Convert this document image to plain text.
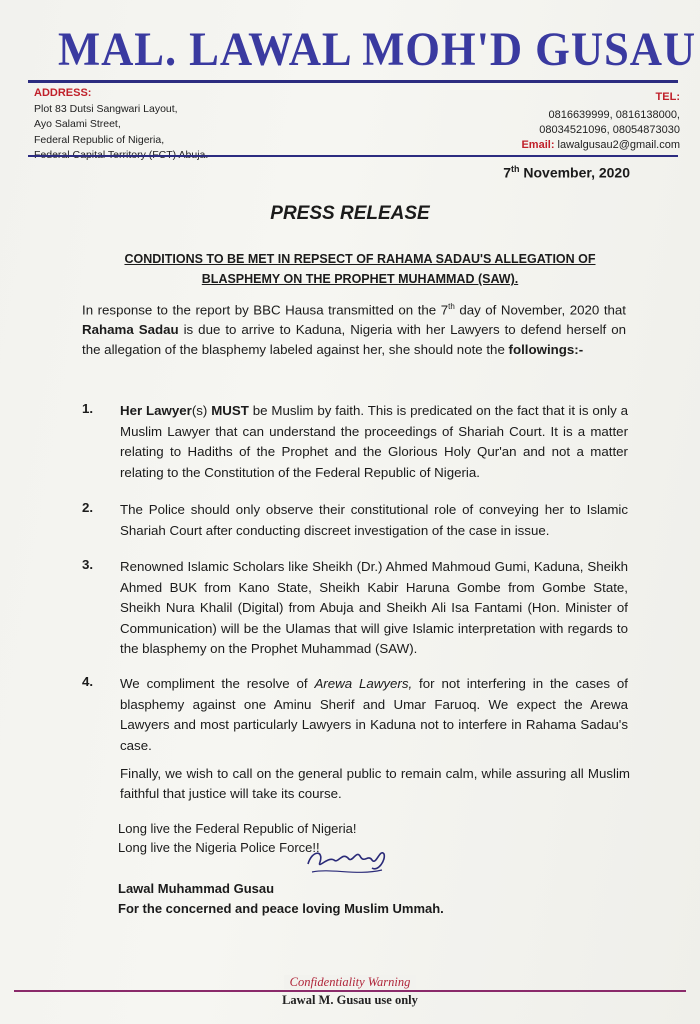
MAL. LAWAL MOH'D GUSAU
ADDRESS:
Plot 83 Dutsi Sangwari Layout,
Ayo Salami Street,
Federal Republic of Nigeria,
TEL:
0816639999, 0816138000,
08034521096, 08054873030
Email: lawalgusau2@gmail.com
7th November, 2020
PRESS RELEASE
CONDITIONS TO BE MET IN REPSECT OF RAHAMA SADAU'S ALLEGATION OF
BLASPHEMY ON THE PROPHET MUHAMMAD (SAW).
In response to the report by BBC Hausa transmitted on the 7th day of November, 2020 that Rahama Sadau is due to arrive to Kaduna, Nigeria with her Lawyers to defend herself on the allegation of the blasphemy labeled against her, she should note the followings:-
1. Her Lawyer(s) MUST be Muslim by faith. This is predicated on the fact that it is only a Muslim Lawyer that can understand the proceedings of Shariah Court. It is a matter relating to Hadiths of the Prophet and the Glorious Holy Qur'an and not a matter relating to the Constitution of the Federal Republic of Nigeria.
2. The Police should only observe their constitutional role of conveying her to Islamic Shariah Court after conducting discreet investigation of the case in issue.
3. Renowned Islamic Scholars like Sheikh (Dr.) Ahmed Mahmoud Gumi, Kaduna, Sheikh Ahmed BUK from Kano State, Sheikh Kabir Haruna Gombe from Gombe State, Sheikh Nura Khalil (Digital) from Abuja and Sheikh Ali Isa Fantami (Hon. Minister of Communication) will be the Ulamas that will give Islamic interpretation with regards to the blasphemy on the Prophet Muhammad (SAW).
4. We compliment the resolve of Arewa Lawyers, for not interfering in the cases of blasphemy against one Aminu Sherif and Umar Faruoq. We expect the Arewa Lawyers and most particularly Lawyers in Kaduna not to interfere in Rahama Sadau's case.
Finally, we wish to call on the general public to remain calm, while assuring all Muslim faithful that justice will take its course.
Long live the Federal Republic of Nigeria!
Long live the Nigeria Police Force!!
Lawal Muhammad Gusau
For the concerned and peace loving Muslim Ummah.
Confidentiality Warning
Lawal M. Gusau use only
